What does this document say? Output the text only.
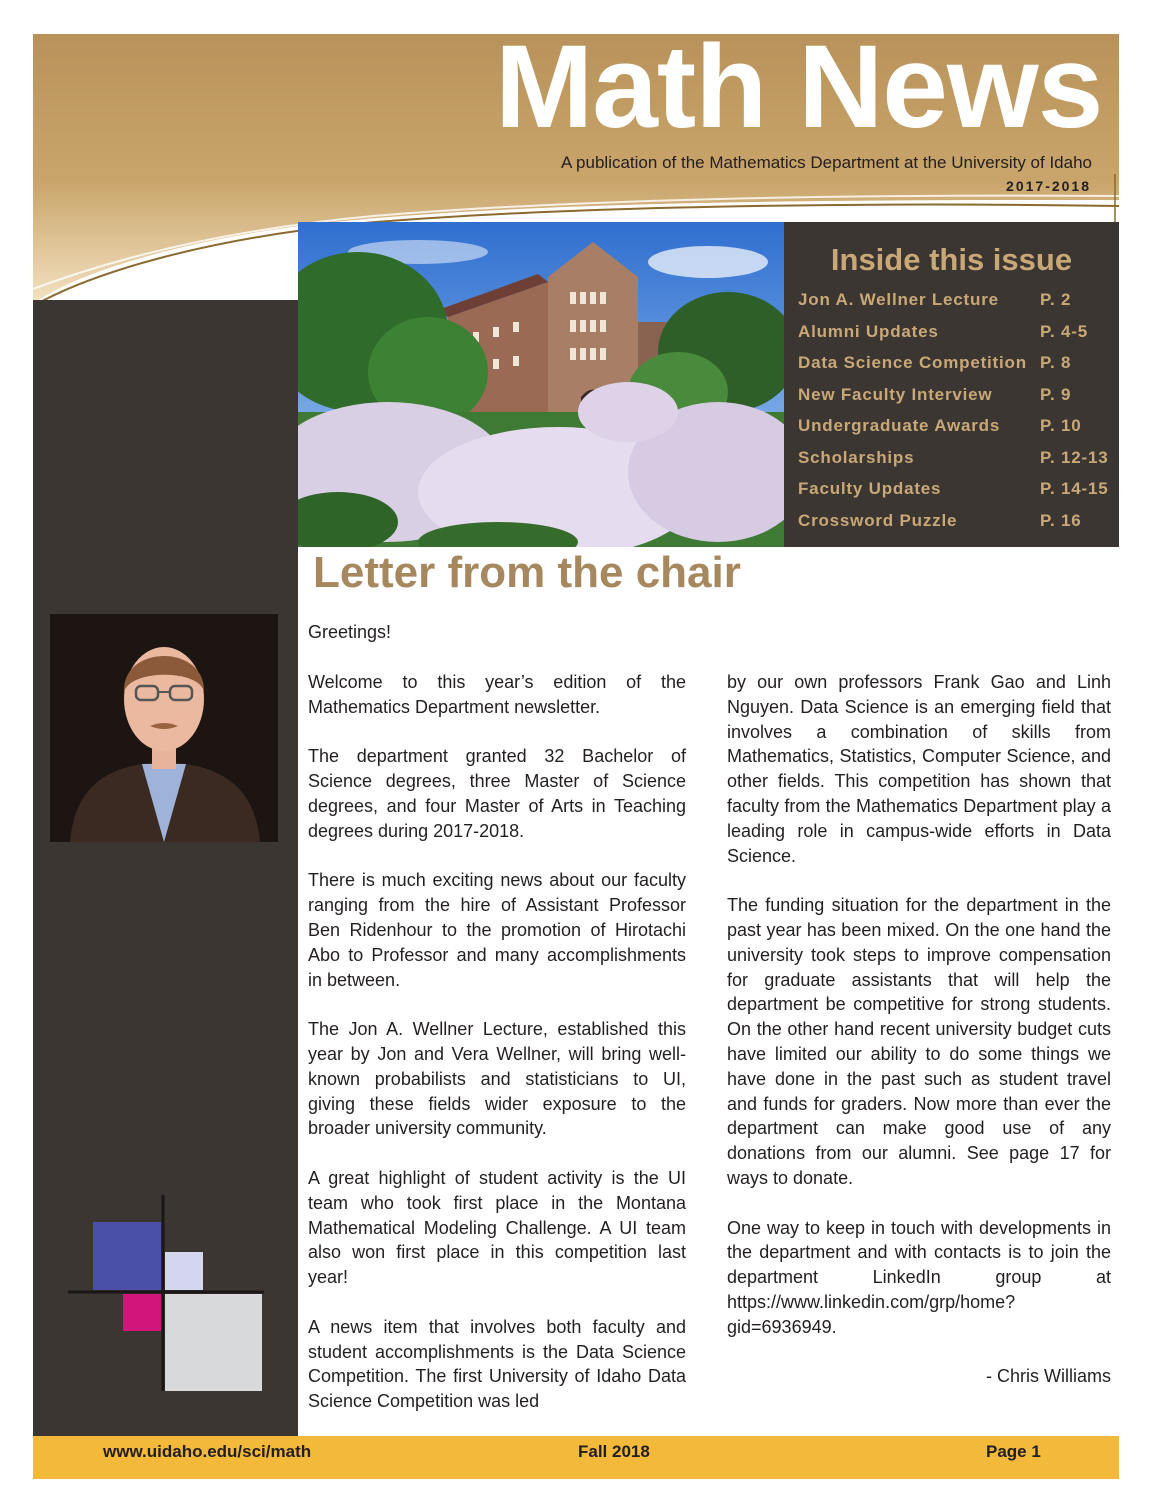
Math News
A publication of the Mathematics Department at the University of Idaho
2017-2018
Inside this issue
Jon A. Wellner Lecture	P. 2
Alumni Updates	P. 4-5
Data Science Competition P. 8
New Faculty Interview	P. 9
Undergraduate Awards	P. 10
Scholarships	P. 12-13
Faculty Updates	P. 14-15
Crossword Puzzle	P. 16
Letter from the chair
Greetings!

Welcome to this year’s edition of the Mathematics Department newsletter.

The department granted 32 Bachelor of Science degrees, three Master of Science degrees, and four Master of Arts in Teaching degrees during 2017-2018.

There is much exciting news about our faculty ranging from the hire of Assistant Professor Ben Ridenhour to the promotion of Hirotachi Abo to Professor and many accomplishments in between.

The Jon A. Wellner Lecture, established this year by Jon and Vera Wellner, will bring well-known probabilists and statisticians to UI, giving these fields wider exposure to the broader university community.

A great highlight of student activity is the UI team who took first place in the Montana Mathematical Modeling Challenge. A UI team also won first place in this competition last year!

A news item that involves both faculty and student accomplishments is the Data Science Competition. The first University of Idaho Data Science Competition was led

by our own professors Frank Gao and Linh Nguyen. Data Science is an emerging field that involves a combination of skills from Mathematics, Statistics, Computer Science, and other fields. This competition has shown that faculty from the Mathematics Department play a leading role in campus-wide efforts in Data Science.

The funding situation for the department in the past year has been mixed. On the one hand the university took steps to improve compensation for graduate assistants that will help the department be competitive for strong students. On the other hand recent university budget cuts have limited our ability to do some things we have done in the past such as student travel and funds for graders. Now more than ever the department can make good use of any donations from our alumni. See page 17 for ways to donate.

One way to keep in touch with developments in the department and with contacts is to join the department LinkedIn group at https://www.linkedin.com/grp/home?gid=6936949.

- Chris Williams

www.uidaho.edu/sci/math	Fall 2018	Page 1
